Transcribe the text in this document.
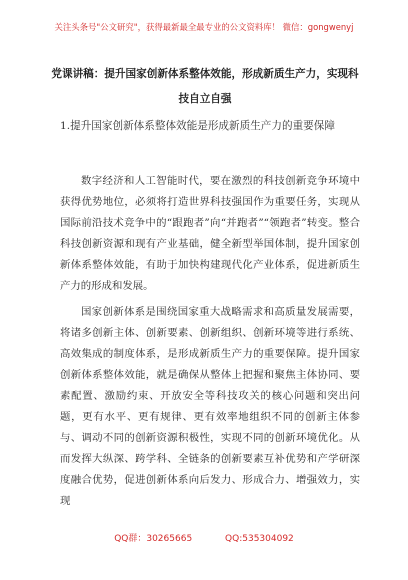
关注头条号"公文研究"，获得最新最全最专业的公文资料库！ 微信：gongwenyj
党课讲稿：提升国家创新体系整体效能，形成新质生产力，实现科技自立自强
1.提升国家创新体系整体效能是形成新质生产力的重要保障
数字经济和人工智能时代，要在激烈的科技创新竞争环境中获得优势地位，必须将打造世界科技强国作为重要任务，实现从国际前沿技术竞争中的“跟跑者”向“并跑者”“领跑者”转变。整合科技创新资源和现有产业基础，健全新型举国体制，提升国家创新体系整体效能，有助于加快构建现代化产业体系，促进新质生产力的形成和发展。
国家创新体系是围绕国家重大战略需求和高质量发展需要，将诸多创新主体、创新要素、创新组织、创新环境等进行系统、高效集成的制度体系，是形成新质生产力的重要保障。提升国家创新体系整体效能，就是确保从整体上把握和聚焦主体协同、要素配置、激励约束、开放安全等科技攻关的核心问题和突出问题，更有水平、更有规律、更有效率地组织不同的创新主体参与、调动不同的创新资源积极性，实现不同的创新环境优化。从而发挥大纵深、跨学科、全链条的创新要素互补优势和产学研深度融合优势，促进创新体系向后发力、形成合力、增强效力，实现
QQ群：30265665	QQ:535304092
